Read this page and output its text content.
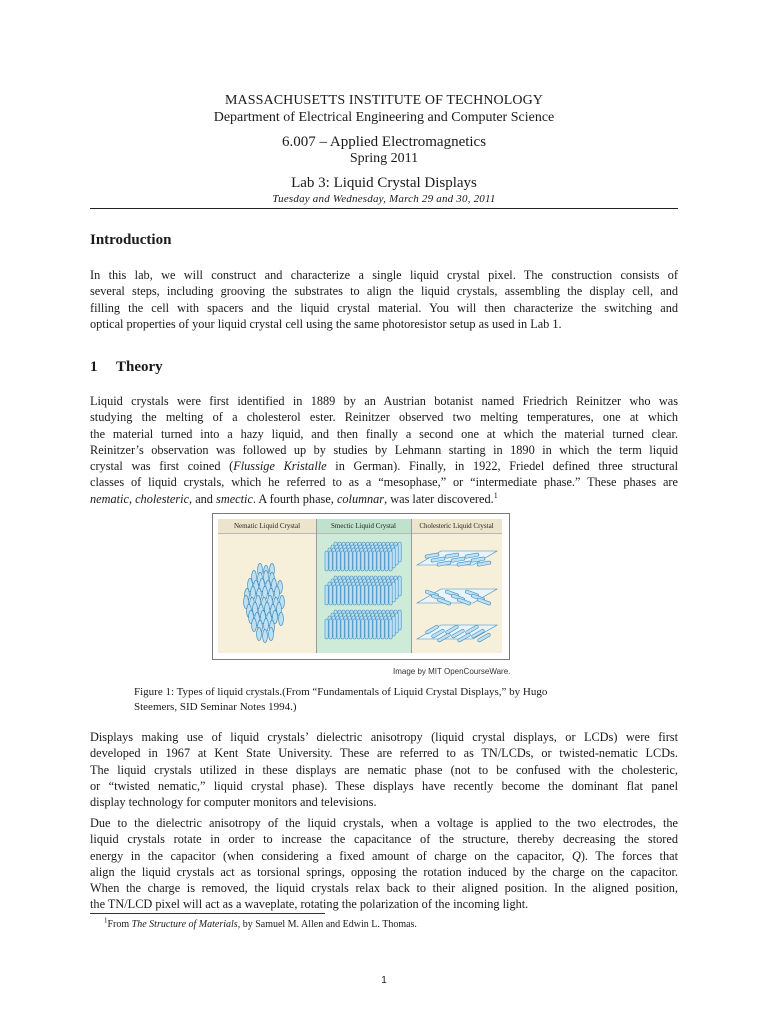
MASSACHUSETTS INSTITUTE OF TECHNOLOGY
Department of Electrical Engineering and Computer Science
6.007 – Applied Electromagnetics
Spring 2011
Lab 3: Liquid Crystal Displays
Tuesday and Wednesday, March 29 and 30, 2011
Introduction
In this lab, we will construct and characterize a single liquid crystal pixel. The construction consists of
several steps, including grooving the substrates to align the liquid crystals, assembling the display cell, and
filling the cell with spacers and the liquid crystal material. You will then characterize the switching and
optical properties of your liquid crystal cell using the same photoresistor setup as used in Lab 1.
1 Theory
Liquid crystals were first identified in 1889 by an Austrian botanist named Friedrich Reinitzer who was
studying the melting of a cholesterol ester. Reinitzer observed two melting temperatures, one at which
the material turned into a hazy liquid, and then finally a second one at which the material turned clear.
Reinitzer’s observation was followed up by studies by Lehmann starting in 1890 in which the term liquid
crystal was first coined (Flussige Kristalle in German). Finally, in 1922, Friedel defined three structural
classes of liquid crystals, which he referred to as a “mesophase,” or “intermediate phase.” These phases are
nematic, cholesteric, and smectic. A fourth phase, columnar, was later discovered.$^1$
Nematic Liquid Crystal	Smectic Liquid Crystal	Cholesteric Liquid Crystal
Image by MIT OpenCourseWare.
Figure 1: Types of liquid crystals.(From “Fundamentals of Liquid Crystal Displays,” by Hugo
Steemers, SID Seminar Notes 1994.)
Displays making use of liquid crystals’ dielectric anisotropy (liquid crystal displays, or LCDs) were first
developed in 1967 at Kent State University. These are referred to as TN/LCDs, or twisted-nematic LCDs.
The liquid crystals utilized in these displays are nematic phase (not to be confused with the cholesteric,
or “twisted nematic,” liquid crystal phase). These displays have recently become the dominant flat panel
display technology for computer monitors and televisions.
Due to the dielectric anisotropy of the liquid crystals, when a voltage is applied to the two electrodes, the
liquid crystals rotate in order to increase the capacitance of the structure, thereby decreasing the stored
energy in the capacitor (when considering a fixed amount of charge on the capacitor, Q). The forces that
align the liquid crystals act as torsional springs, opposing the rotation induced by the charge on the capacitor.
When the charge is removed, the liquid crystals relax back to their aligned position. In the aligned position,
the TN/LCD pixel will act as a waveplate, rotating the polarization of the incoming light.
$^1$From The Structure of Materials, by Samuel M. Allen and Edwin L. Thomas.
1
